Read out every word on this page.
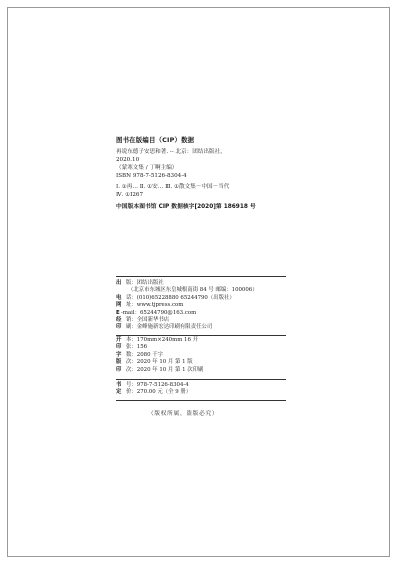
图书在版编目（CIP）数据
再说东德子安思和著. -- 北京：团结出版社，
2020.10
（蒙寒文集 / 丁啊主编）
ISBN 978-7-5126-8304-4
Ⅰ. ①再… Ⅱ. ①安… Ⅲ. ①散文集－中国－当代
Ⅳ. ①I267
中国版本图书馆 CIP 数据核字[2020]第 186918 号
出 版：团结出版社
（北京市东城区东皇城根南街 84 号 邮编：100006）
电 话：(010)65228880 65244790（出版社）
网 址：www.tjpress.com
E -mail：65244790@163.com
经 销：全国新华书店
印 刷：金峰施新宏达印刷有限责任公司
开 本：170mm×240mm 16 开
印 张：156
字 数：2080 千字
版 次：2020 年 10 月 第 1 版
印 次：2020 年 10 月 第 1 次印刷
书 号：978-7-5126-8304-4
定 价：270.00 元（全 9 册）
（版权所属，盗版必究）
